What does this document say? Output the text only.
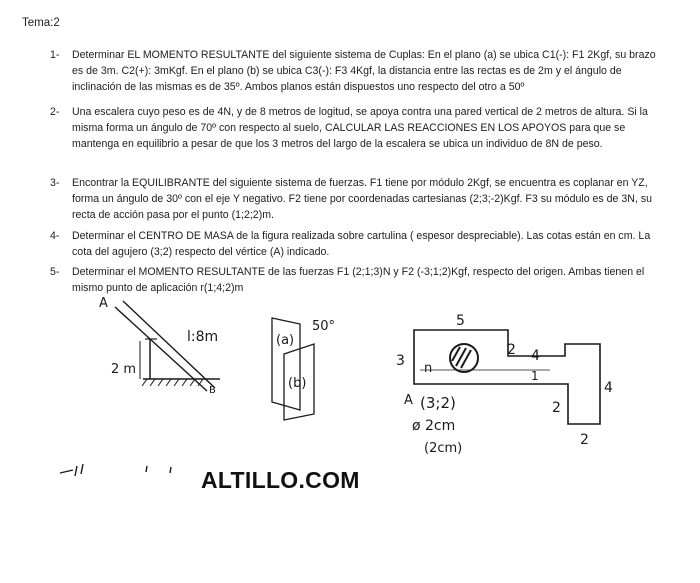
Tema:2
1-	Determinar EL MOMENTO RESULTANTE del siguiente sistema de Cuplas: En el plano (a) se ubica C1(-): F1 2Kgf, su brazo es de 3m. C2(+): 3mKgf. En el plano (b) se ubica C3(-): F3 4Kgf, la distancia entre las rectas es de 2m y el ángulo de inclinación de las mismas es de 35º. Ambos planos están dispuestos uno respecto del otro a 50º
2-	Una escalera cuyo peso es de 4N, y de 8 metros de logitud, se apoya contra una pared vertical de 2 metros de altura. Si la misma forma un ángulo de 70º con respecto al suelo, CALCULAR LAS REACCIONES EN LOS APOYOS para que se mantenga en equilibrio a pesar de que los 3 metros del largo de la escalera se ubica un individuo de 8N de peso.
3-	Encontrar la EQUILIBRANTE del siguiente sistema de fuerzas. F1 tiene por módulo 2Kgf, se encuentra es coplanar en YZ, forma un ángulo de 30º con el eje Y negativo. F2 tiene por coordenadas cartesianas (2;3;-2)Kgf. F3 su módulo es de 3N, su recta de acción pasa por el punto (1;2;2)m.
4-	Determinar el CENTRO DE MASA de la figura realizada sobre cartulina ( espesor despreciable). Las cotas están en cm. La cota del agujero (3;2) respecto del vértice (A) indicado.
5-	Determinar el MOMENTO RESULTANTE de las fuerzas F1 (2;1;3)N y F2 (-3;1;2)Kgf, respecto del origen. Ambas tienen el mismo punto de aplicación r(1;4;2)m
A
l:8m
2 m
B
(a)
(b)
50°	5
3
2 4
1
4
2
2
n
A (3;2)
ø 2cm
(2cm)
ALTILLO.COM
